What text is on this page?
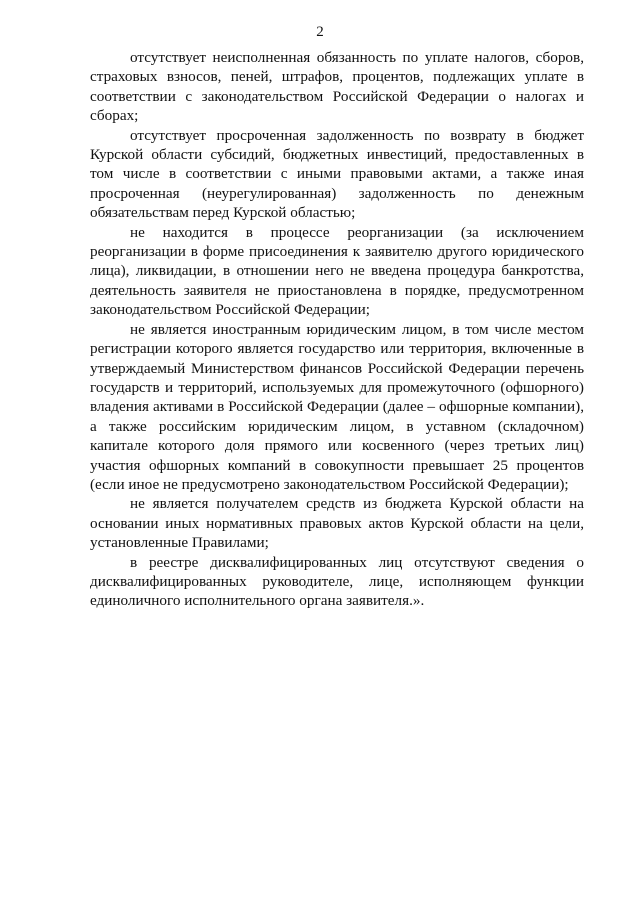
2

отсутствует неисполненная обязанность по уплате налогов, сборов, страховых взносов, пеней, штрафов, процентов, подлежащих уплате в соответствии с законодательством Российской Федерации о налогах и сборах;

отсутствует просроченная задолженность по возврату в бюджет Курской области субсидий, бюджетных инвестиций, предоставленных в том числе в соответствии с иными правовыми актами, а также иная просроченная (неурегулированная) задолженность по денежным обязательствам перед Курской областью;

не находится в процессе реорганизации (за исключением реорганизации в форме присоединения к заявителю другого юридического лица), ликвидации, в отношении него не введена процедура банкротства, деятельность заявителя не приостановлена в порядке, предусмотренном законодательством Российской Федерации;

не является иностранным юридическим лицом, в том числе местом регистрации которого является государство или территория, включенные в утверждаемый Министерством финансов Российской Федерации перечень государств и территорий, используемых для промежуточного (офшорного) владения активами в Российской Федерации (далее – офшорные компании), а также российским юридическим лицом, в уставном (складочном) капитале которого доля прямого или косвенного (через третьих лиц) участия офшорных компаний в совокупности превышает 25 процентов (если иное не предусмотрено законодательством Российской Федерации);

не является получателем средств из бюджета Курской области на основании иных нормативных правовых актов Курской области на цели, установленные Правилами;

в реестре дисквалифицированных лиц отсутствуют сведения о дисквалифицированных руководителе, лице, исполняющем функции единоличного исполнительного органа заявителя.».
